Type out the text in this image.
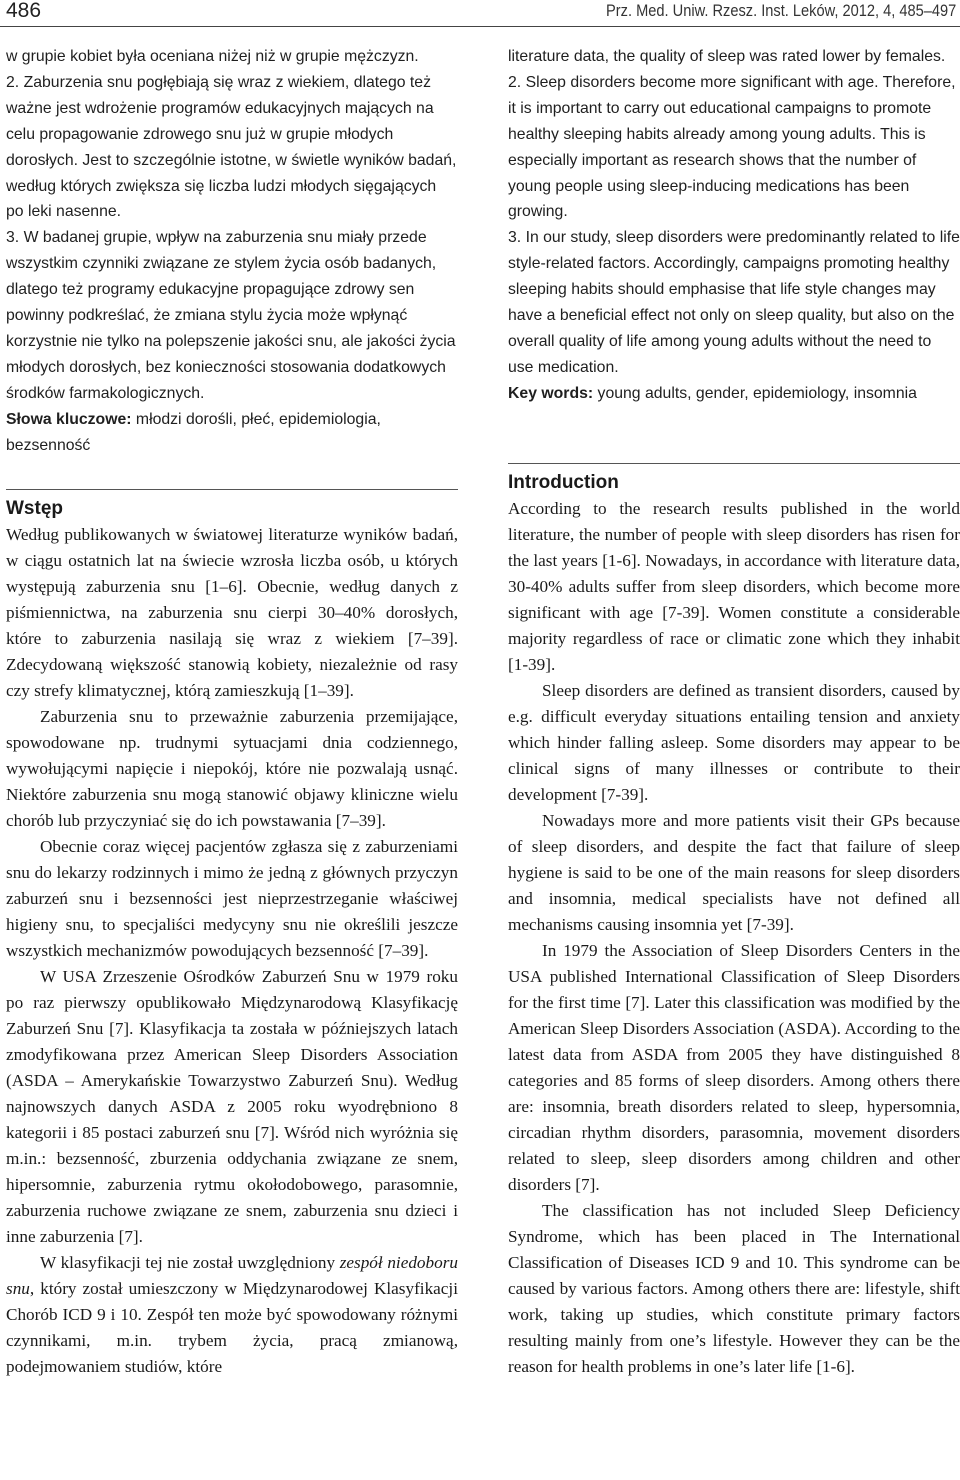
486	Prz. Med. Uniw. Rzesz. Inst. Leków, 2012, 4, 485–497

w grupie kobiet była oceniana niżej niż w grupie mężczyzn.

2. Zaburzenia snu pogłębiają się wraz z wiekiem, dlatego też ważne jest wdrożenie programów edukacyjnych mających na celu propagowanie zdrowego snu już w grupie młodych dorosłych. Jest to szczególnie istotne, w świetle wyników badań, według których zwiększa się liczba ludzi młodych sięgających po leki nasenne.

3. W badanej grupie, wpływ na zaburzenia snu miały przede wszystkim czynniki związane ze stylem życia osób badanych, dlatego też programy edukacyjne propagujące zdrowy sen powinny podkreślać, że zmiana stylu życia może wpłynąć korzystnie nie tylko na polepszenie jakości snu, ale jakości życia młodych dorosłych, bez konieczności stosowania dodatkowych środków farmakologicznych.

Słowa kluczowe: młodzi dorośli, płeć, epidemiologia, bezsenność

Wstęp

Według publikowanych w światowej literaturze wyników badań, w ciągu ostatnich lat na świecie wzrosła liczba osób, u których występują zaburzenia snu [1–6]. Obecnie, według danych z piśmiennictwa, na zaburzenia snu cierpi 30–40% dorosłych, które to zaburzenia nasilają się wraz z wiekiem [7–39]. Zdecydowaną większość stanowią kobiety, niezależnie od rasy czy strefy klimatycznej, którą zamieszkują [1–39].

Zaburzenia snu to przeważnie zaburzenia przemijające, spowodowane np. trudnymi sytuacjami dnia codziennego, wywołującymi napięcie i niepokój, które nie pozwalają usnąć. Niektóre zaburzenia snu mogą stanowić objawy kliniczne wielu chorób lub przyczyniać się do ich powstawania [7–39].

Obecnie coraz więcej pacjentów zgłasza się z zaburzeniami snu do lekarzy rodzinnych i mimo że jedną z głównych przyczyn zaburzeń snu i bezsenności jest nieprzestrzeganie właściwej higieny snu, to specjaliści medycyny snu nie określili jeszcze wszystkich mechanizmów powodujących bezsenność [7–39].

W USA Zrzeszenie Ośrodków Zaburzeń Snu w 1979 roku po raz pierwszy opublikowało Międzynarodową Klasyfikację Zaburzeń Snu [7]. Klasyfikacja ta została w późniejszych latach zmodyfikowana przez American Sleep Disorders Association (ASDA – Amerykańskie Towarzystwo Zaburzeń Snu). Według najnowszych danych ASDA z 2005 roku wyodrębniono 8 kategorii i 85 postaci zaburzeń snu [7]. Wśród nich wyróżnia się m.in.: bezsenność, zburzenia oddychania związane ze snem, hipersomnie, zaburzenia rytmu okołodobowego, parasomnie, zaburzenia ruchowe związane ze snem, zaburzenia snu dzieci i inne zaburzenia [7].

W klasyfikacji tej nie został uwzględniony zespół niedoboru snu, który został umieszczony w Międzynarodowej Klasyfikacji Chorób ICD 9 i 10. Zespół ten może być spowodowany różnymi czynnikami, m.in. trybem życia, pracą zmianową, podejmowaniem studiów, które

literature data, the quality of sleep was rated lower by females.

2. Sleep disorders become more significant with age. Therefore, it is important to carry out educational campaigns to promote healthy sleeping habits already among young adults. This is especially important as research shows that the number of young people using sleep-inducing medications has been growing.

3. In our study, sleep disorders were predominantly related to life style-related factors. Accordingly, campaigns promoting healthy sleeping habits should emphasise that life style changes may have a beneficial effect not only on sleep quality, but also on the overall quality of life among young adults without the need to use medication.

Key words: young adults, gender, epidemiology, insomnia

Introduction

According to the research results published in the world literature, the number of people with sleep disorders has risen for the last years [1-6]. Nowadays, in accordance with literature data, 30-40% adults suffer from sleep disorders, which become more significant with age [7-39]. Women constitute a considerable majority regardless of race or climatic zone which they inhabit [1-39].

Sleep disorders are defined as transient disorders, caused by e.g. difficult everyday situations entailing tension and anxiety which hinder falling asleep. Some disorders may appear to be clinical signs of many illnesses or contribute to their development [7-39].

Nowadays more and more patients visit their GPs because of sleep disorders, and despite the fact that failure of sleep hygiene is said to be one of the main reasons for sleep disorders and insomnia, medical specialists have not defined all mechanisms causing insomnia yet [7-39].

In 1979 the Association of Sleep Disorders Centers in the USA published International Classification of Sleep Disorders for the first time [7]. Later this classification was modified by the American Sleep Disorders Association (ASDA). According to the latest data from ASDA from 2005 they have distinguished 8 categories and 85 forms of sleep disorders. Among others there are: insomnia, breath disorders related to sleep, hypersomnia, circadian rhythm disorders, parasomnia, movement disorders related to sleep, sleep disorders among children and other disorders [7].

The classification has not included Sleep Deficiency Syndrome, which has been placed in The International Classification of Diseases ICD 9 and 10. This syndrome can be caused by various factors. Among others there are: lifestyle, shift work, taking up studies, which constitute primary factors resulting mainly from one’s lifestyle. However they can be the reason for health problems in one’s later life [1-6].
